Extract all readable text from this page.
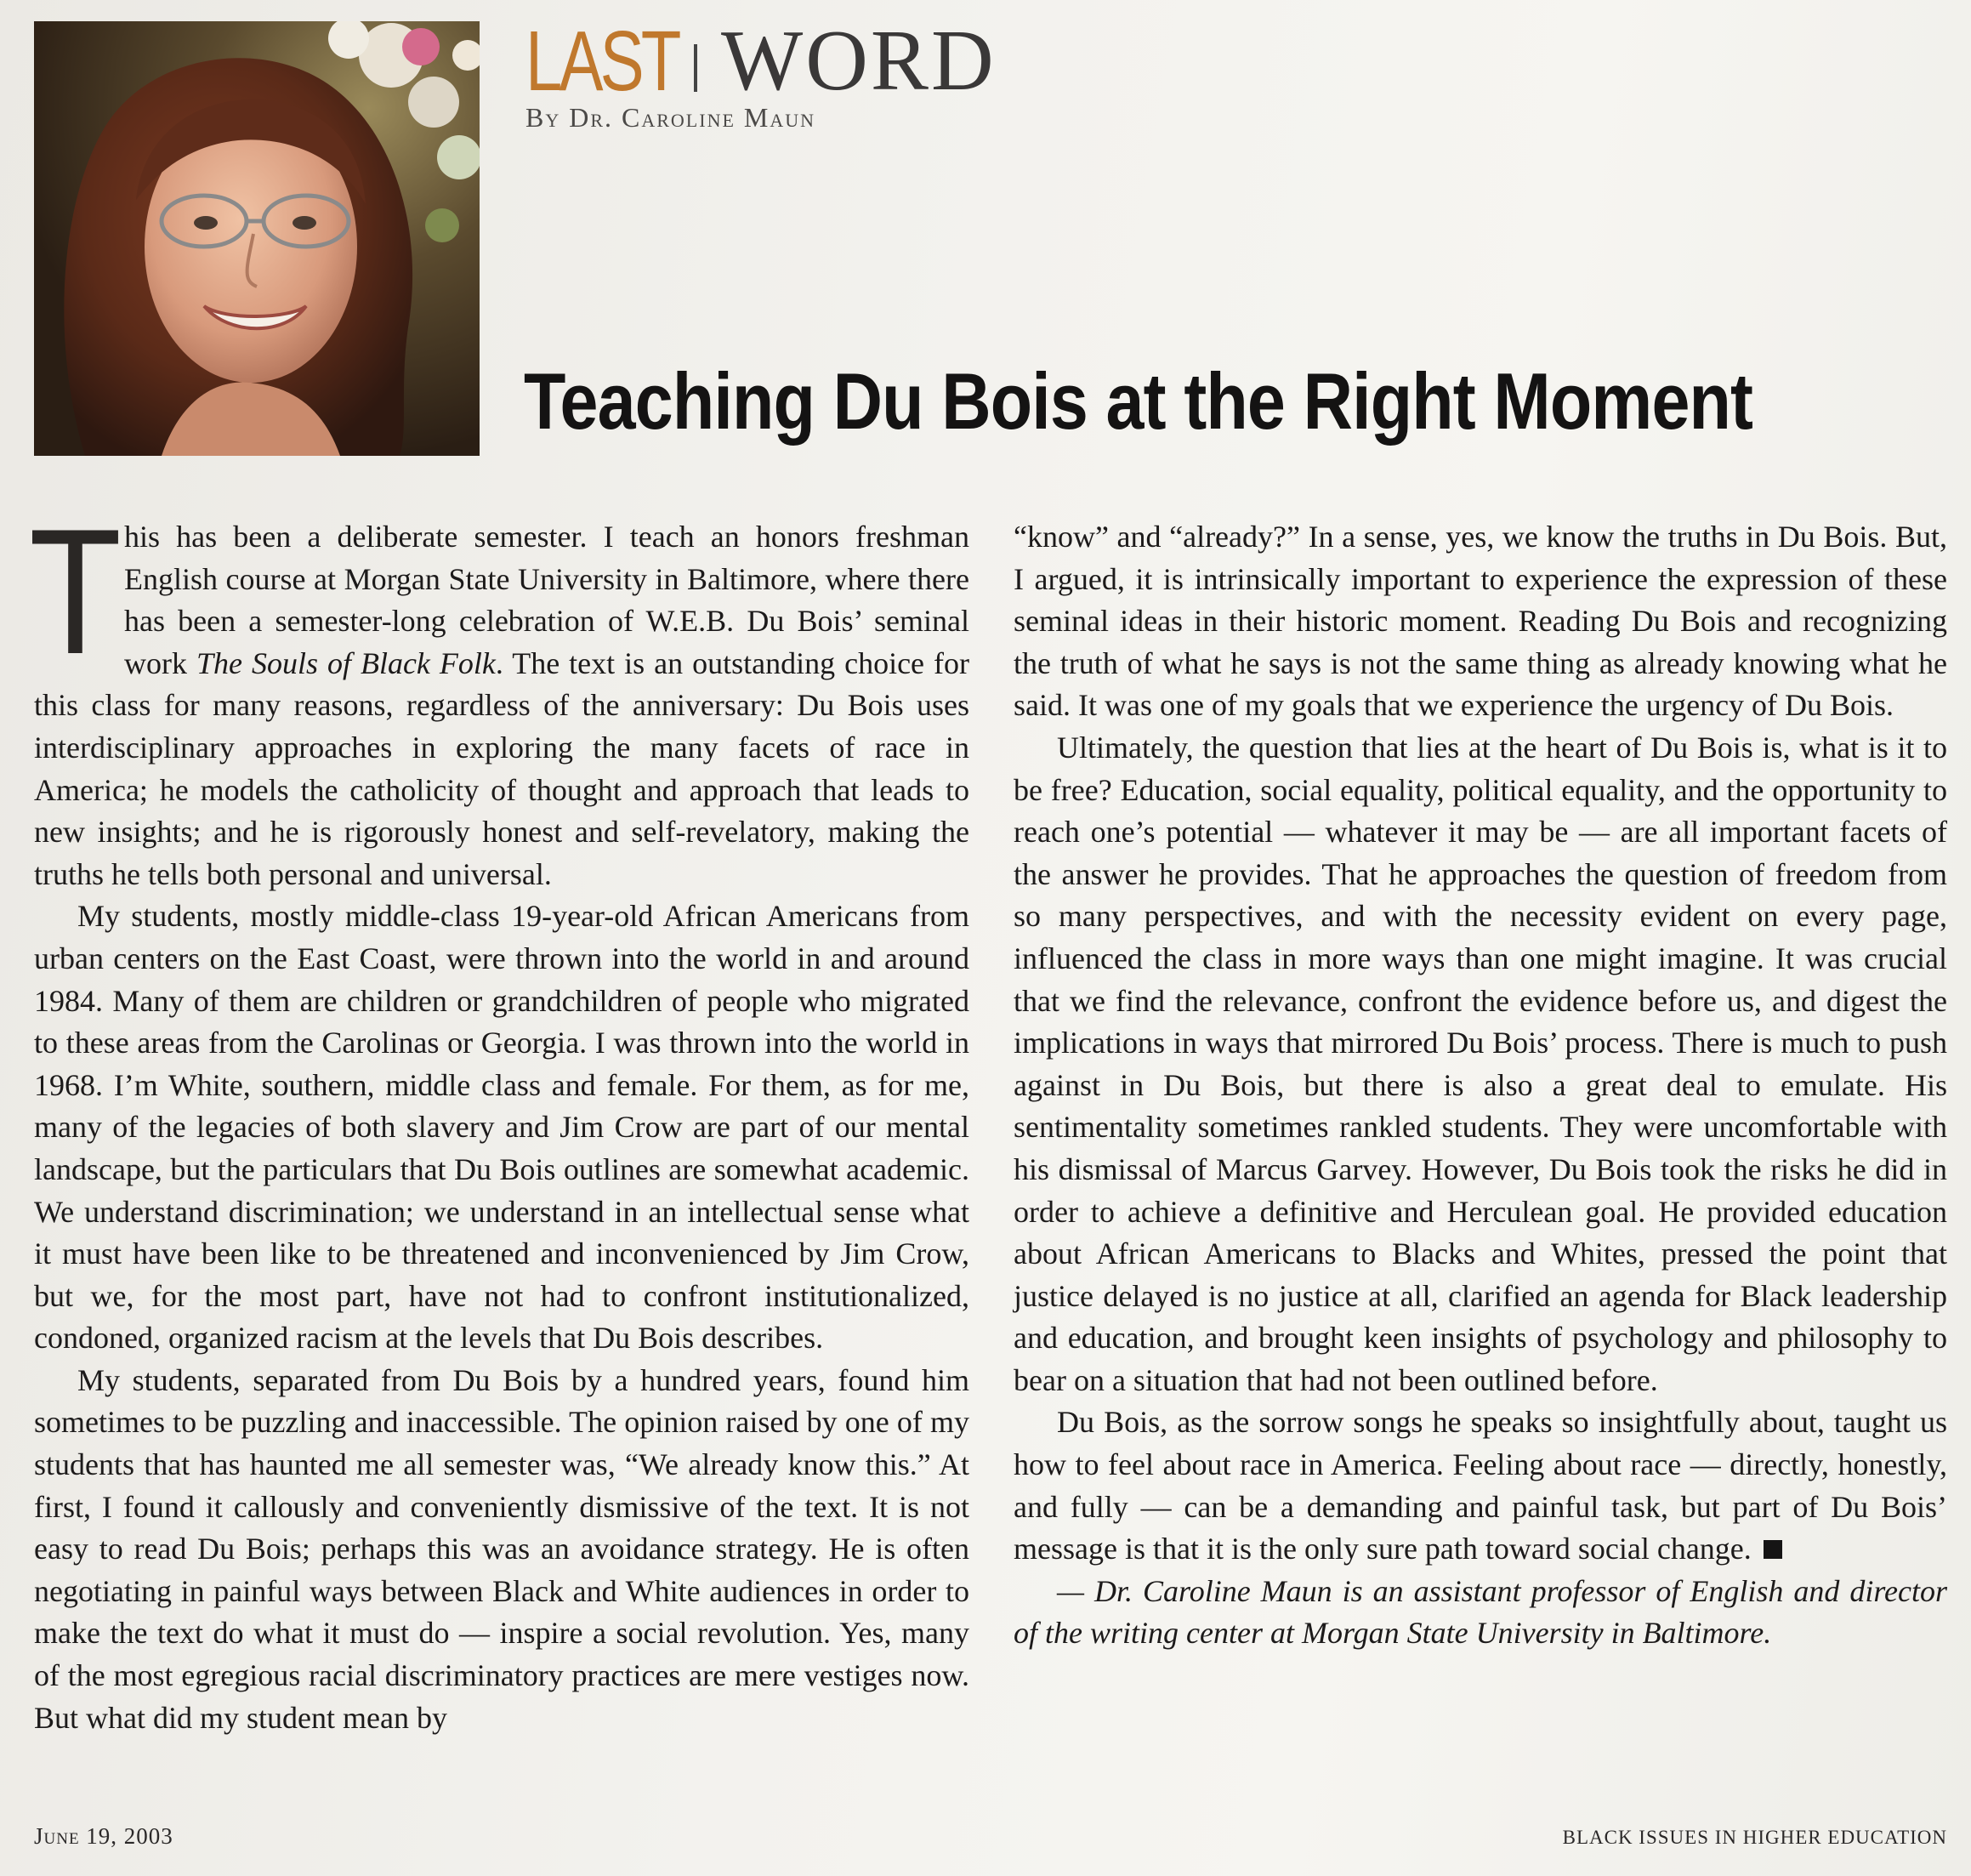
LAST WORD
By Dr. Caroline Maun
Teaching Du Bois at the Right Moment
T his has been a deliberate semester. I teach an honors freshman English course at Morgan State University in Baltimore, where there has been a semester-long celebration of W.E.B. Du Bois’ seminal work The Souls of Black Folk. The text is an outstanding choice for this class for many reasons, regardless of the anniversary: Du Bois uses interdisciplinary approaches in exploring the many facets of race in America; he models the catholicity of thought and approach that leads to new insights; and he is rigorously honest and self-revelatory, making the truths he tells both personal and universal.

My students, mostly middle-class 19-year-old African Americans from urban centers on the East Coast, were thrown into the world in and around 1984. Many of them are children or grandchildren of people who migrated to these areas from the Carolinas or Georgia. I was thrown into the world in 1968. I’m White, southern, middle class and female. For them, as for me, many of the legacies of both slavery and Jim Crow are part of our mental landscape, but the particulars that Du Bois outlines are somewhat academic. We understand discrimination; we understand in an intellectual sense what it must have been like to be threatened and inconvenienced by Jim Crow, but we, for the most part, have not had to confront institutionalized, condoned, organized racism at the levels that Du Bois describes.

My students, separated from Du Bois by a hundred years, found him sometimes to be puzzling and inaccessible. The opinion raised by one of my students that has haunted me all semester was, “We already know this.” At first, I found it callously and conveniently dismissive of the text. It is not easy to read Du Bois; perhaps this was an avoidance strategy. He is often negotiating in painful ways between Black and White audiences in order to make the text do what it must do — inspire a social revolution. Yes, many of the most egregious racial discriminatory practices are mere vestiges now. But what did my student mean by

“know” and “already?” In a sense, yes, we know the truths in Du Bois. But, I argued, it is intrinsically important to experience the expression of these seminal ideas in their historic moment. Reading Du Bois and recognizing the truth of what he says is not the same thing as already knowing what he said. It was one of my goals that we experience the urgency of Du Bois.

Ultimately, the question that lies at the heart of Du Bois is, what is it to be free? Education, social equality, political equality, and the opportunity to reach one’s potential — whatever it may be — are all important facets of the answer he provides. That he approaches the question of freedom from so many perspectives, and with the necessity evident on every page, influenced the class in more ways than one might imagine. It was crucial that we find the relevance, confront the evidence before us, and digest the implications in ways that mirrored Du Bois’ process. There is much to push against in Du Bois, but there is also a great deal to emulate. His sentimentality sometimes rankled students. They were uncomfortable with his dismissal of Marcus Garvey. However, Du Bois took the risks he did in order to achieve a definitive and Herculean goal. He provided education about African Americans to Blacks and Whites, pressed the point that justice delayed is no justice at all, clarified an agenda for Black leadership and education, and brought keen insights of psychology and philosophy to bear on a situation that had not been outlined before.

Du Bois, as the sorrow songs he speaks so insightfully about, taught us how to feel about race in America. Feeling about race — directly, honestly, and fully — can be a demanding and painful task, but part of Du Bois’ message is that it is the only sure path toward social change.

— Dr. Caroline Maun is an assistant professor of English and director of the writing center at Morgan State University in Baltimore.

June 19, 2003	BLACK ISSUES IN HIGHER EDUCATION
